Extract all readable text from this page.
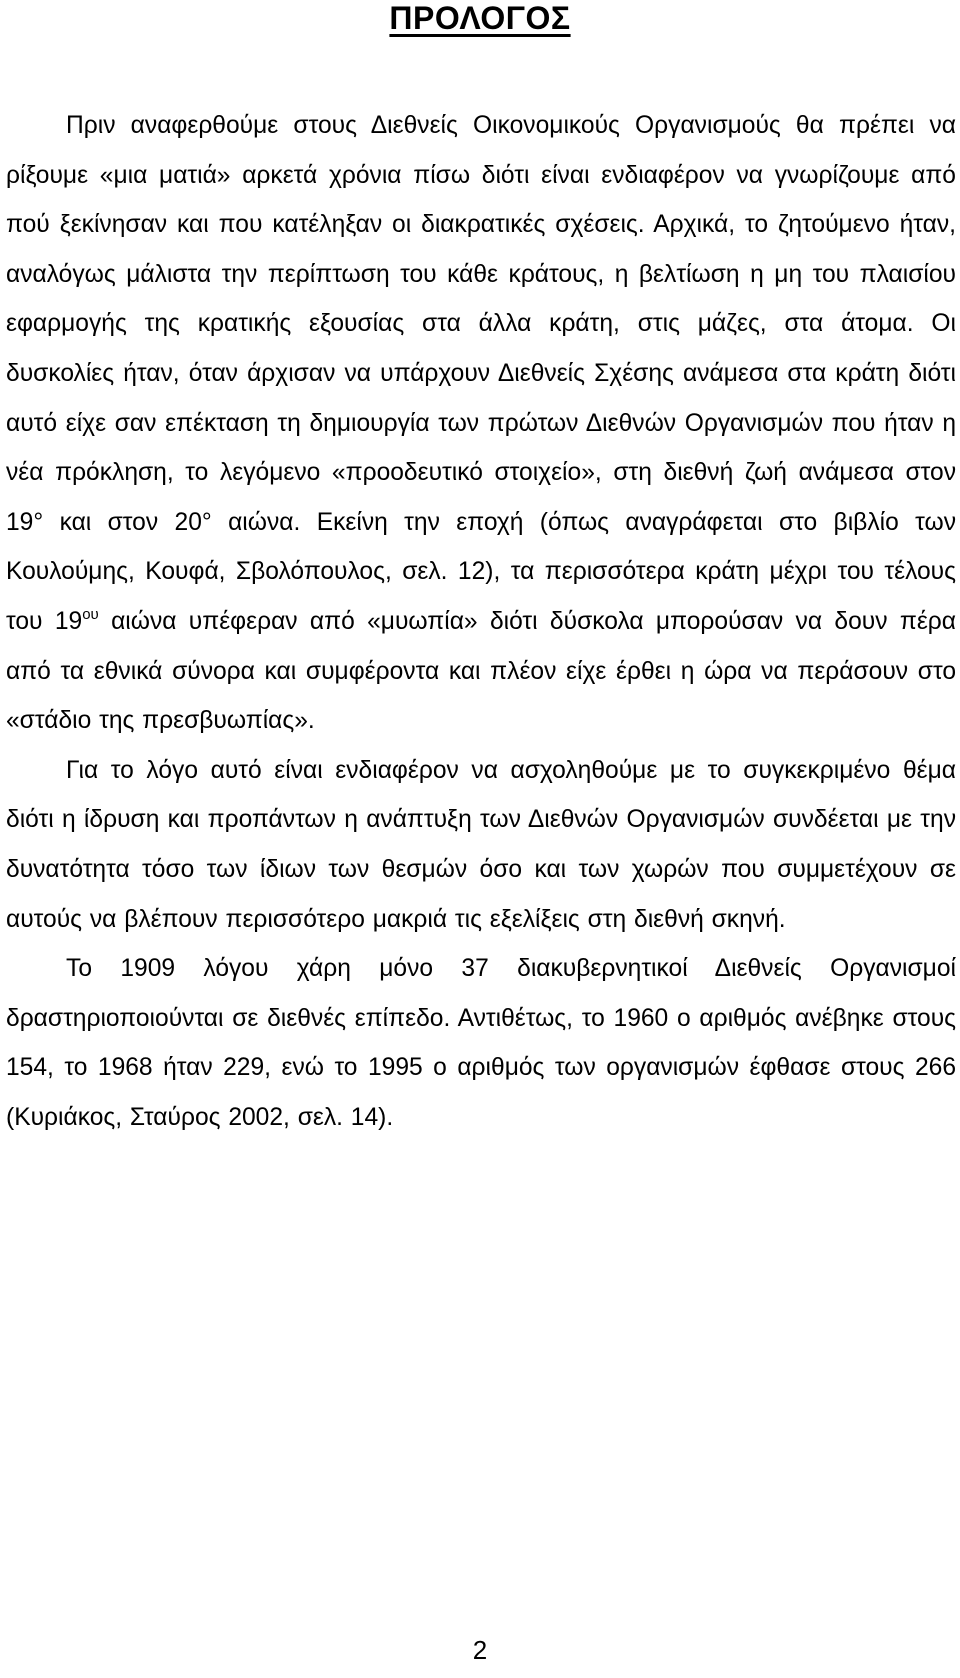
ΠΡΟΛΟΓΟΣ

Πριν αναφερθούμε στους Διεθνείς Οικονομικούς Οργανισμούς θα πρέπει να ρίξουμε «μια ματιά» αρκετά χρόνια πίσω διότι είναι ενδιαφέρον να γνωρίζουμε από πού ξεκίνησαν και που κατέληξαν οι διακρατικές σχέσεις. Αρχικά, το ζητούμενο ήταν, αναλόγως μάλιστα την περίπτωση του κάθε κράτους, η βελτίωση η μη του πλαισίου εφαρμογής της κρατικής εξουσίας στα άλλα κράτη, στις μάζες, στα άτομα. Οι δυσκολίες ήταν, όταν άρχισαν να υπάρχουν Διεθνείς Σχέσης ανάμεσα στα κράτη διότι αυτό είχε σαν επέκταση τη δημιουργία των πρώτων Διεθνών Οργανισμών που ήταν η νέα πρόκληση, το λεγόμενο «προοδευτικό στοιχείο», στη διεθνή ζωή ανάμεσα στον 19° και στον 20° αιώνα. Εκείνη την εποχή (όπως αναγράφεται στο βιβλίο των Κουλούμης, Κουφά, Σβολόπουλος, σελ. 12), τα περισσότερα κράτη μέχρι του τέλους του $19^{o\upsilon}$ αιώνα υπέφεραν από «μυωπία» διότι δύσκολα μπορούσαν να δουν πέρα από τα εθνικά σύνορα και συμφέροντα και πλέον είχε έρθει η ώρα να περάσουν στο «στάδιο της πρεσβυωπίας».

Για το λόγο αυτό είναι ενδιαφέρον να ασχοληθούμε με το συγκεκριμένο θέμα διότι η ίδρυση και προπάντων η ανάπτυξη των Διεθνών Οργανισμών συνδέεται με την δυνατότητα τόσο των ίδιων των θεσμών όσο και των χωρών που συμμετέχουν σε αυτούς να βλέπουν περισσότερο μακριά τις εξελίξεις στη διεθνή σκηνή.

Το 1909 λόγου χάρη μόνο 37 διακυβερνητικοί Διεθνείς Οργανισμοί δραστηριοποιούνται σε διεθνές επίπεδο. Αντιθέτως, το 1960 ο αριθμός ανέβηκε στους 154, το 1968 ήταν 229, ενώ το 1995 ο αριθμός των οργανισμών έφθασε στους 266 (Κυριάκος, Σταύρος 2002, σελ. 14).

2
